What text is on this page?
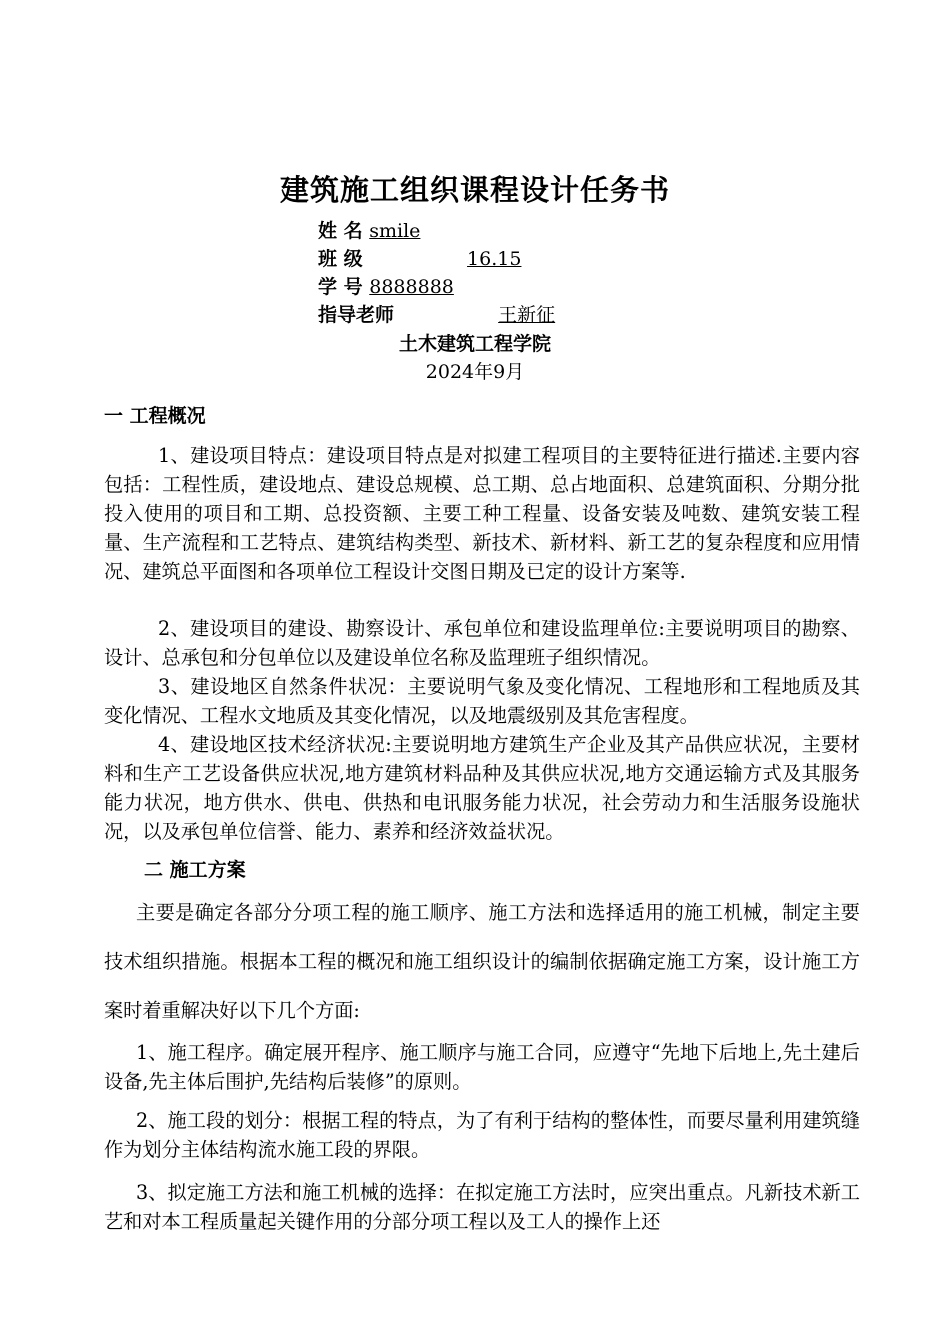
建筑施工组织课程设计任务书
姓 名 smile
班 级	16.15
学 号 8888888
指导老师	王新征
土木建筑工程学院
2024年9月
一 工程概况
1、建设项目特点：建设项目特点是对拟建工程项目的主要特征进行描述.主要内容包括：工程性质，建设地点、建设总规模、总工期、总占地面积、总建筑面积、分期分批投入使用的项目和工期、总投资额、主要工种工程量、设备安装及吨数、建筑安装工程量、生产流程和工艺特点、建筑结构类型、新技术、新材料、新工艺的复杂程度和应用情况、建筑总平面图和各项单位工程设计交图日期及已定的设计方案等.
2、建设项目的建设、勘察设计、承包单位和建设监理单位:主要说明项目的勘察、设计、总承包和分包单位以及建设单位名称及监理班子组织情况。
3、建设地区自然条件状况：主要说明气象及变化情况、工程地形和工程地质及其变化情况、工程水文地质及其变化情况，以及地震级别及其危害程度。
4、建设地区技术经济状况:主要说明地方建筑生产企业及其产品供应状况，主要材料和生产工艺设备供应状况,地方建筑材料品种及其供应状况,地方交通运输方式及其服务能力状况，地方供水、供电、供热和电讯服务能力状况，社会劳动力和生活服务设施状况，以及承包单位信誉、能力、素养和经济效益状况。
二 施工方案
主要是确定各部分分项工程的施工顺序、施工方法和选择适用的施工机械，制定主要技术组织措施。根据本工程的概况和施工组织设计的编制依据确定施工方案，设计施工方案时着重解决好以下几个方面:
1、施工程序。确定展开程序、施工顺序与施工合同，应遵守“先地下后地上,先土建后设备,先主体后围护,先结构后装修”的原则。
2、施工段的划分：根据工程的特点，为了有利于结构的整体性，而要尽量利用建筑缝作为划分主体结构流水施工段的界限。
3、拟定施工方法和施工机械的选择：在拟定施工方法时，应突出重点。凡新技术新工艺和对本工程质量起关键作用的分部分项工程以及工人的操作上还
